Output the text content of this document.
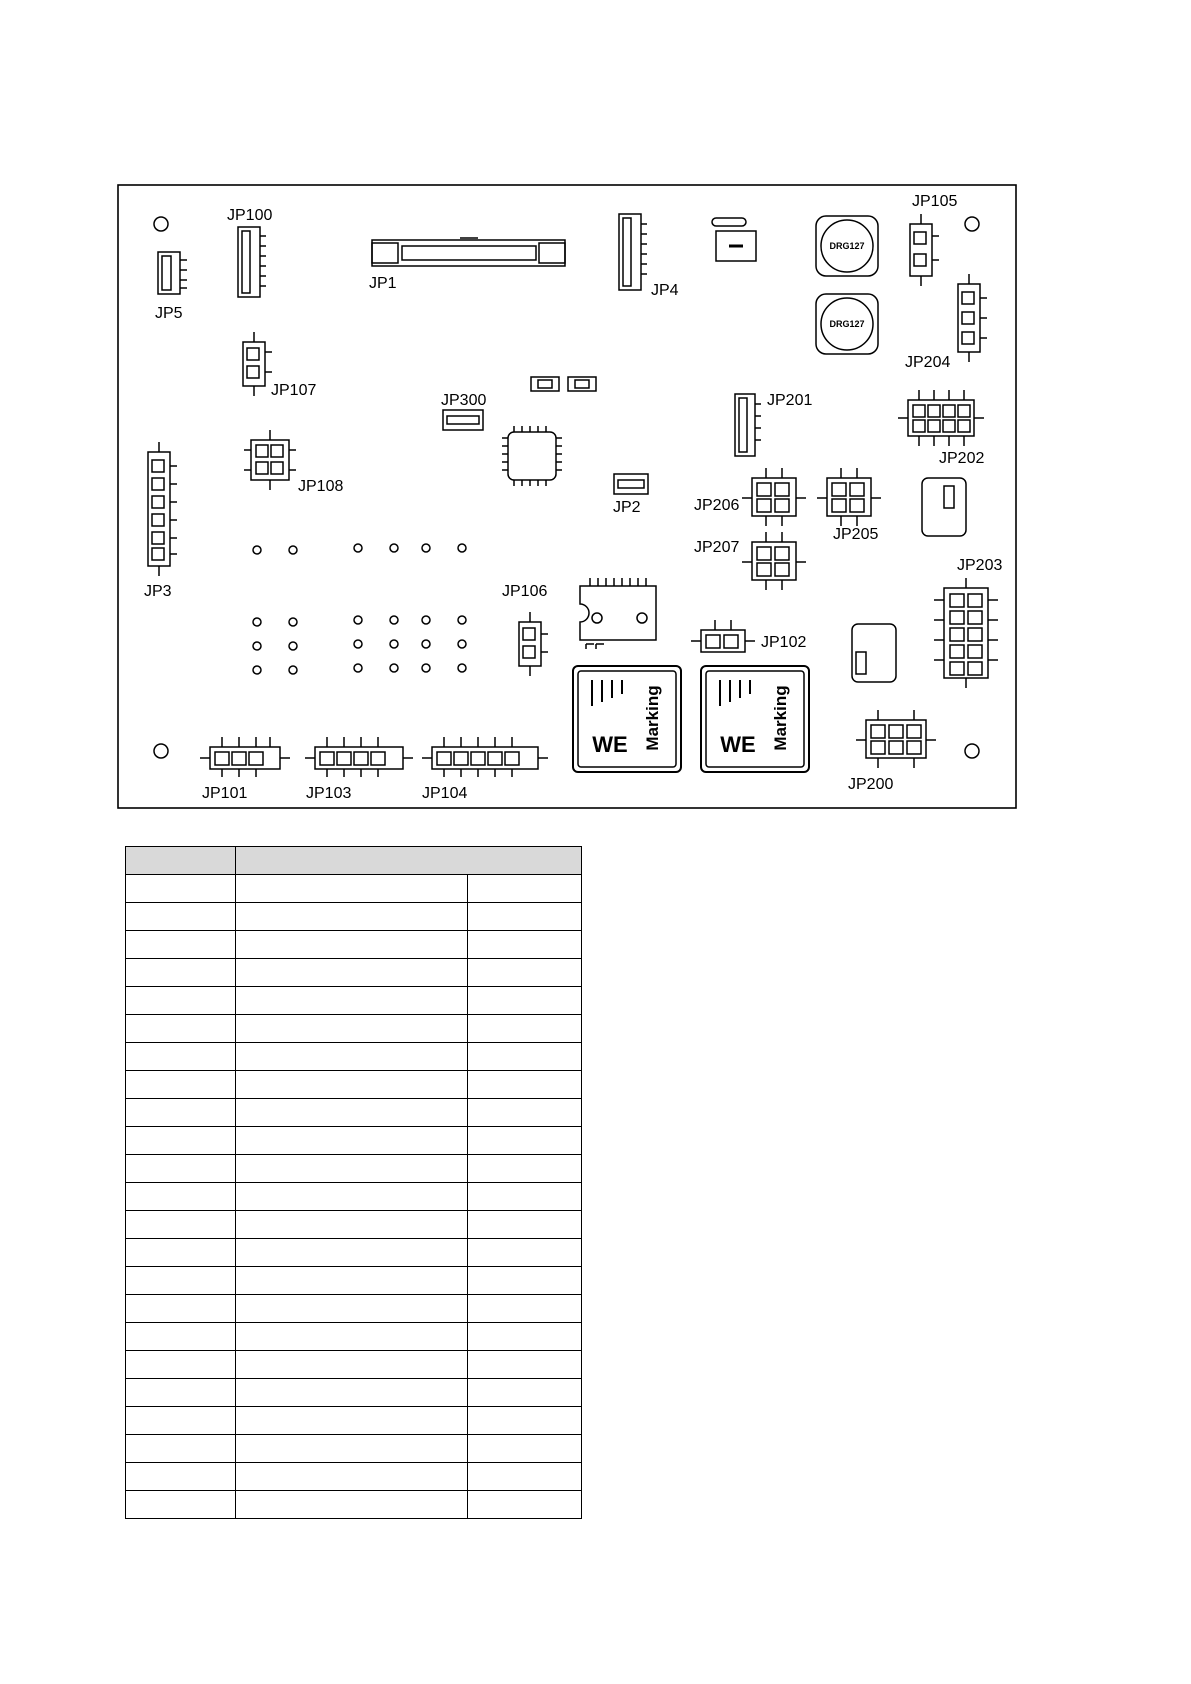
DRG127
DRG127
WE Marking	WE Marking
JP1
JP2
JP3
JP4
JP5
JP100
JP101
JP102
JP103	JP104
JP105
JP106
JP107
JP108
JP200
JP201
JP202
JP203
JP204
JP205
JP206
JP207
JP300
